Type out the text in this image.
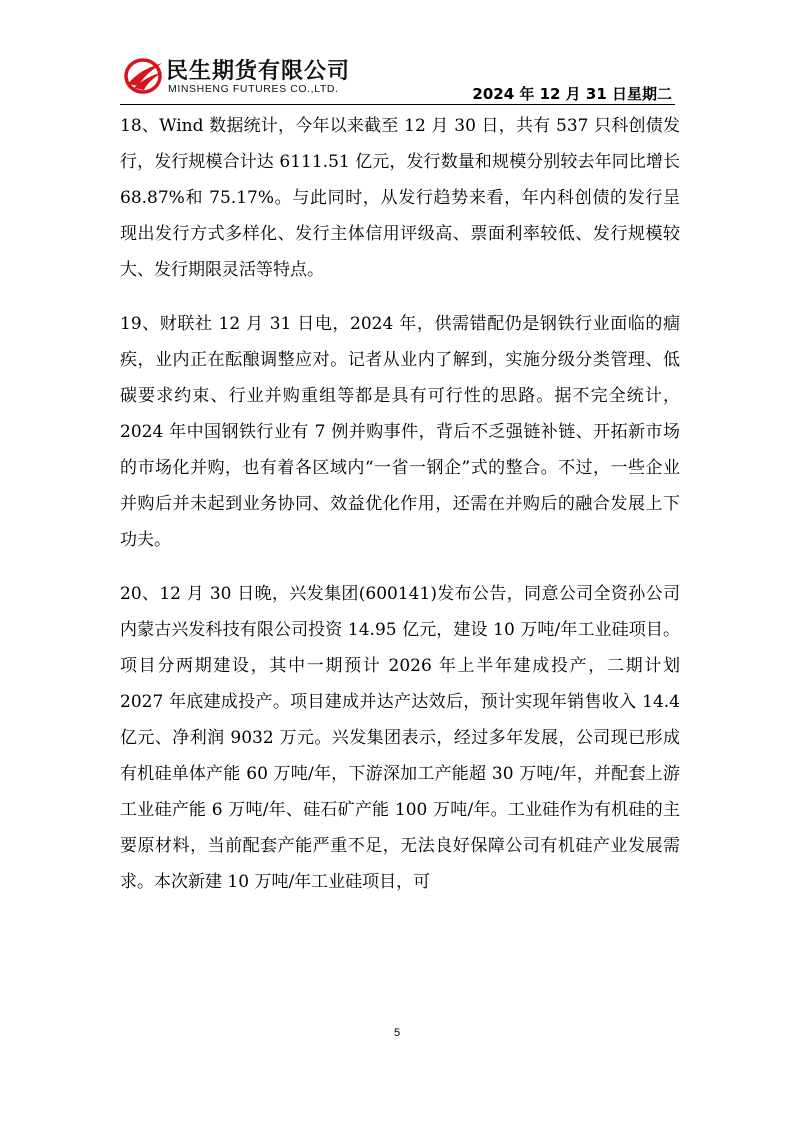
民生期货有限公司
MINSHENG FUTURES CO.,LTD.	2024 年 12 月 31 日星期二

18、Wind 数据统计，今年以来截至 12 月 30 日，共有 537 只科创债发行，发行规模合计达 6111.51 亿元，发行数量和规模分别较去年同比增长 68.87%和 75.17%。与此同时，从发行趋势来看，年内科创债的发行呈现出发行方式多样化、发行主体信用评级高、票面利率较低、发行规模较大、发行期限灵活等特点。

19、财联社 12 月 31 日电，2024 年，供需错配仍是钢铁行业面临的痼疾，业内正在酝酿调整应对。记者从业内了解到，实施分级分类管理、低碳要求约束、行业并购重组等都是具有可行性的思路。据不完全统计，2024 年中国钢铁行业有 7 例并购事件，背后不乏强链补链、开拓新市场的市场化并购，也有着各区域内“一省一钢企”式的整合。不过，一些企业并购后并未起到业务协同、效益优化作用，还需在并购后的融合发展上下功夫。

20、12 月 30 日晚，兴发集团(600141)发布公告，同意公司全资孙公司内蒙古兴发科技有限公司投资 14.95 亿元，建设 10 万吨/年工业硅项目。项目分两期建设，其中一期预计 2026 年上半年建成投产，二期计划 2027 年底建成投产。项目建成并达产达效后，预计实现年销售收入 14.4 亿元、净利润 9032 万元。兴发集团表示，经过多年发展，公司现已形成有机硅单体产能 60 万吨/年，下游深加工产能超 30 万吨/年，并配套上游工业硅产能 6 万吨/年、硅石矿产能 100 万吨/年。工业硅作为有机硅的主要原材料，当前配套产能严重不足，无法良好保障公司有机硅产业发展需求。本次新建 10 万吨/年工业硅项目，可

5
